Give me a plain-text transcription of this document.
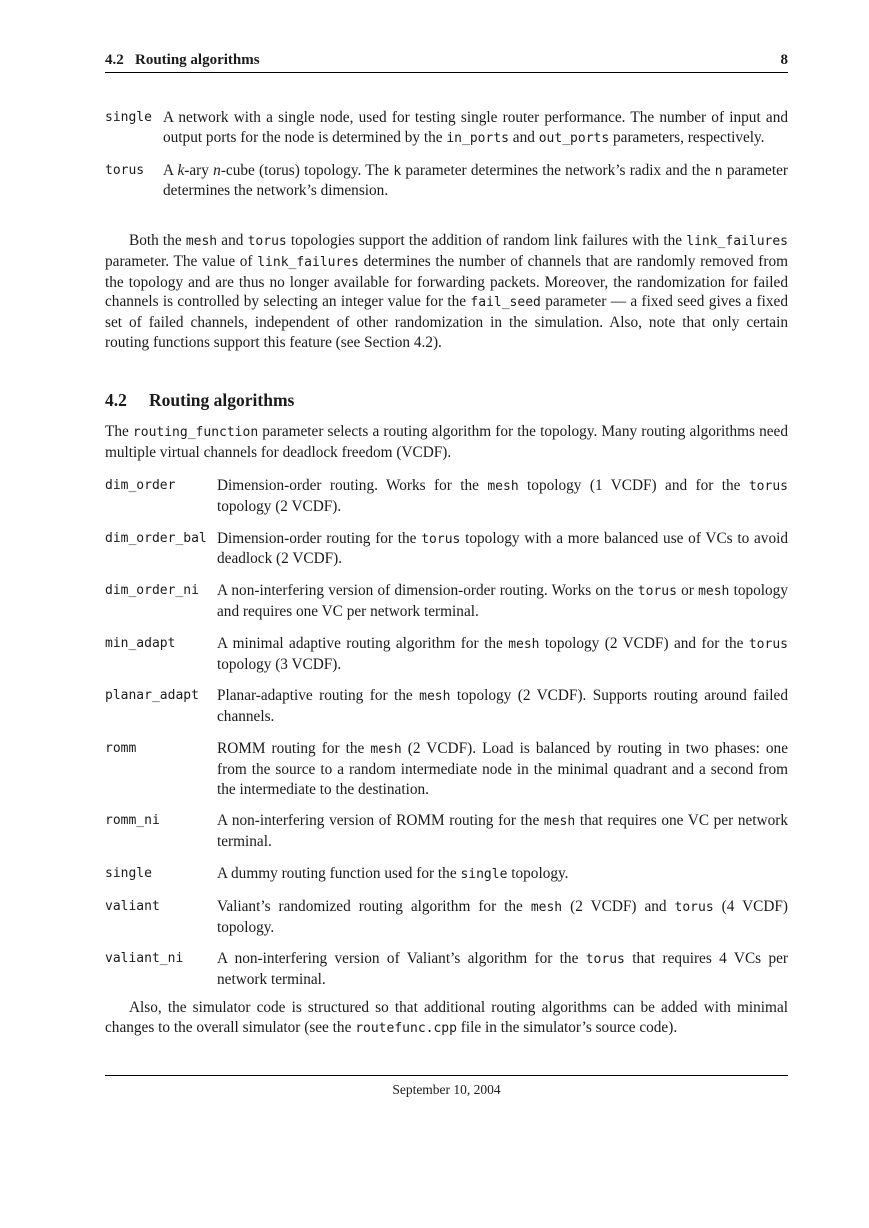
4.2   Routing algorithms	8
single A network with a single node, used for testing single router performance. The number of input and output ports for the node is determined by the in_ports and out_ports parameters, respectively.
torus A k-ary n-cube (torus) topology. The k parameter determines the network’s radix and the n parameter determines the network’s dimension.
Both the mesh and torus topologies support the addition of random link failures with the link_failures parameter. The value of link_failures determines the number of channels that are randomly removed from the topology and are thus no longer available for forwarding packets. Moreover, the randomization for failed channels is controlled by selecting an integer value for the fail_seed parameter — a fixed seed gives a fixed set of failed channels, independent of other randomization in the simulation. Also, note that only certain routing functions support this feature (see Section 4.2).
4.2 Routing algorithms
The routing_function parameter selects a routing algorithm for the topology. Many routing algorithms need multiple virtual channels for deadlock freedom (VCDF).
dim_order	Dimension-order routing. Works for the mesh topology (1 VCDF) and for the torus topology (2 VCDF).
dim_order_bal Dimension-order routing for the torus topology with a more balanced use of VCs to avoid deadlock (2 VCDF).
dim_order_ni A non-interfering version of dimension-order routing. Works on the torus or mesh topology and requires one VC per network terminal.
min_adapt	A minimal adaptive routing algorithm for the mesh topology (2 VCDF) and for the torus topology (3 VCDF).
planar_adapt Planar-adaptive routing for the mesh topology (2 VCDF). Supports routing around failed channels.
romm	ROMM routing for the mesh (2 VCDF). Load is balanced by routing in two phases: one from the source to a random intermediate node in the minimal quadrant and a second from the intermediate to the destination.
romm_ni	A non-interfering version of ROMM routing for the mesh that requires one VC per network terminal.
single	A dummy routing function used for the single topology.
valiant	Valiant’s randomized routing algorithm for the mesh (2 VCDF) and torus (4 VCDF) topology.
valiant_ni A non-interfering version of Valiant’s algorithm for the torus that requires 4 VCs per network terminal.
Also, the simulator code is structured so that additional routing algorithms can be added with minimal changes to the overall simulator (see the routefunc.cpp file in the simulator’s source code).
September 10, 2004
